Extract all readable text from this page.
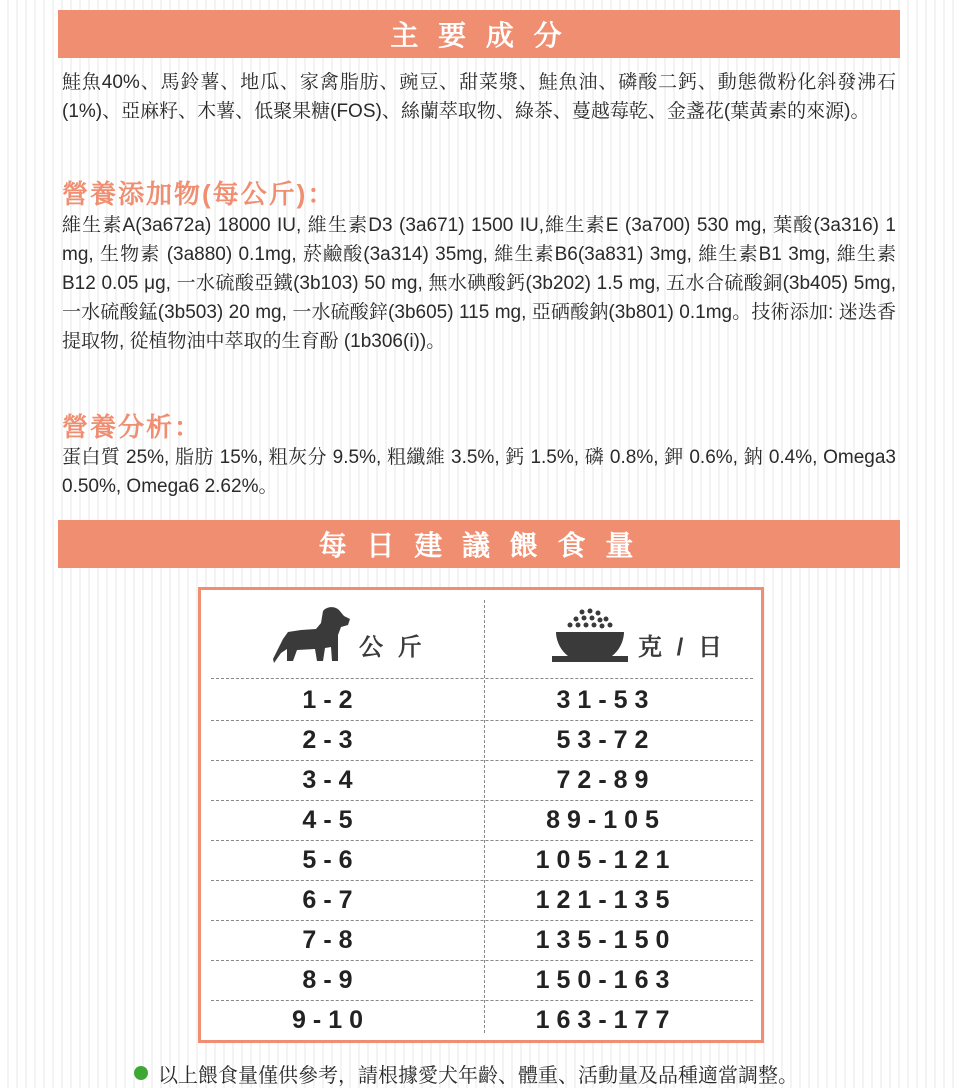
主 要 成 分
鮭魚40%、馬鈴薯、地瓜、家禽脂肪、豌豆、甜菜漿、鮭魚油、磷酸二鈣、動態微粉化斜發沸石(1%)、亞麻籽、木薯、低聚果糖(FOS)、絲蘭萃取物、綠茶、蔓越莓乾、金盞花(葉黃素的來源)。
營養添加物(每公斤)：
維生素A(3a672a) 18000 IU, 維生素D3 (3a671) 1500 IU,維生素E (3a700) 530 mg, 葉酸(3a316) 1 mg, 生物素 (3a880) 0.1mg, 菸鹼酸(3a314) 35mg, 維生素B6(3a831) 3mg, 維生素B1 3mg, 維生素B12 0.05 μg, 一水硫酸亞鐵(3b103) 50 mg, 無水碘酸鈣(3b202) 1.5 mg, 五水合硫酸銅(3b405) 5mg, 一水硫酸錳(3b503) 20 mg, 一水硫酸鋅(3b605) 115 mg, 亞硒酸鈉(3b801) 0.1mg。技術添加: 迷迭香提取物, 從植物油中萃取的生育酚 (1b306(i))。
營養分析：
蛋白質 25%, 脂肪 15%, 粗灰分 9.5%, 粗纖維 3.5%, 鈣 1.5%, 磷 0.8%, 鉀 0.6%, 鈉 0.4%, Omega3 0.50%, Omega6 2.62%。
每 日 建 議 餵 食 量
公 斤	克 / 日
1-2	31-53
2-3	53-72
3-4	72-89
4-5	89-105
5-6	105-121
6-7	121-135
7-8	135-150
8-9	150-163
9-10	163-177
以上餵食量僅供參考，請根據愛犬年齡、體重、活動量及品種適當調整。
